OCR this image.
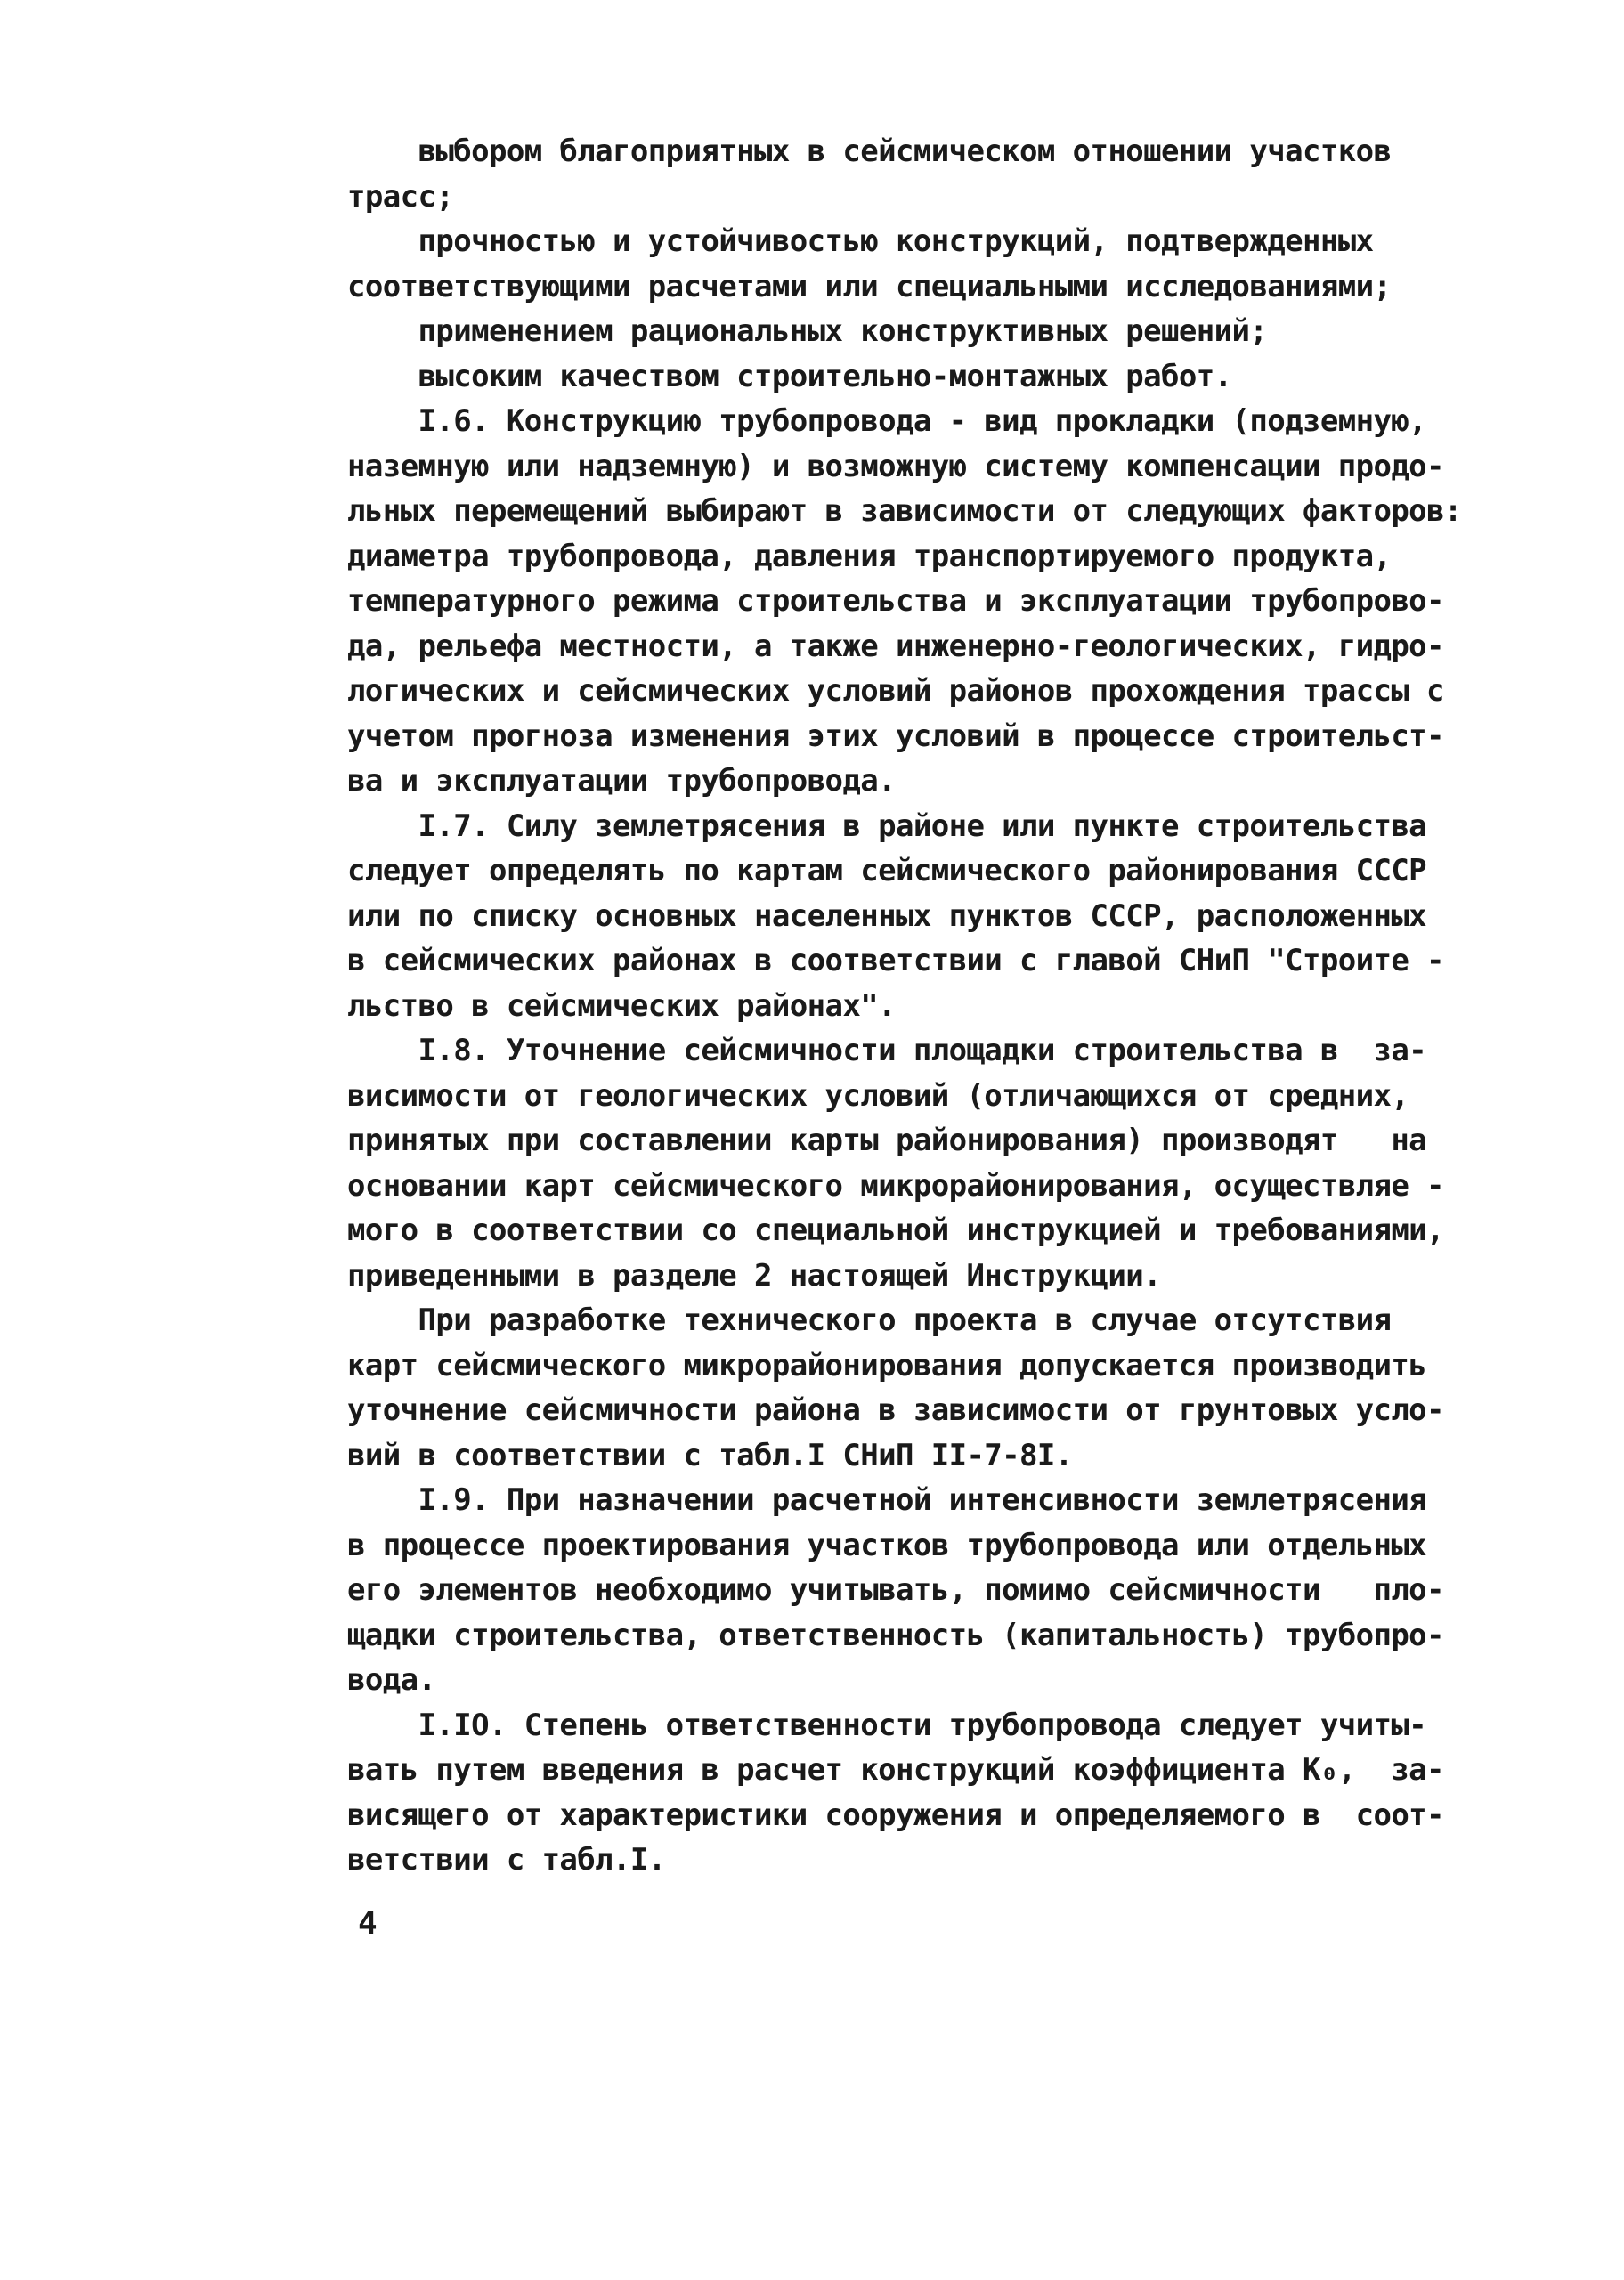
выбором благоприятных в сейсмическом отношении участков
трасс;
прочностью и устойчивостью конструкций, подтвержденных
соответствующими расчетами или специальными исследованиями;
применением рациональных конструктивных решений;
высоким качеством строительно-монтажных работ.
I.6. Конструкцию трубопровода - вид прокладки (подземную,
наземную или надземную) и возможную систему компенсации продо-
льных перемещений выбирают в зависимости от следующих факторов:
диаметра трубопровода, давления транспортируемого продукта,
температурного режима строительства и эксплуатации трубопрово-
да, рельефа местности, а также инженерно-геологических, гидро-
логических и сейсмических условий районов прохождения трассы с
учетом прогноза изменения этих условий в процессе строительст-
ва и эксплуатации трубопровода.
I.7. Силу землетрясения в районе или пункте строительства
следует определять по картам сейсмического районирования СССР
или по списку основных населенных пунктов СССР, расположенных
в сейсмических районах в соответствии с главой СНиП "Строите -
льство в сейсмических районах".
I.8. Уточнение сейсмичности площадки строительства в  за-
висимости от геологических условий (отличающихся от средних,
принятых при составлении карты районирования) производят   на
основании карт сейсмического микрорайонирования, осуществляе -
мого в соответствии со специальной инструкцией и требованиями,
приведенными в разделе 2 настоящей Инструкции.
При разработке технического проекта в случае отсутствия
карт сейсмического микрорайонирования допускается производить
уточнение сейсмичности района в зависимости от грунтовых усло-
вий в соответствии с табл.I СНиП II-7-8I.
I.9. При назначении расчетной интенсивности землетрясения
в процессе проектирования участков трубопровода или отдельных
его элементов необходимо учитывать, помимо сейсмичности   пло-
щадки строительства, ответственность (капитальность) трубопро-
вода.
I.IO. Степень ответственности трубопровода следует учиты-
вать путем введения в расчет конструкций коэффициента K₀,  за-
висящего от характеристики сооружения и определяемого в  соот-
ветствии с табл.I.
4
